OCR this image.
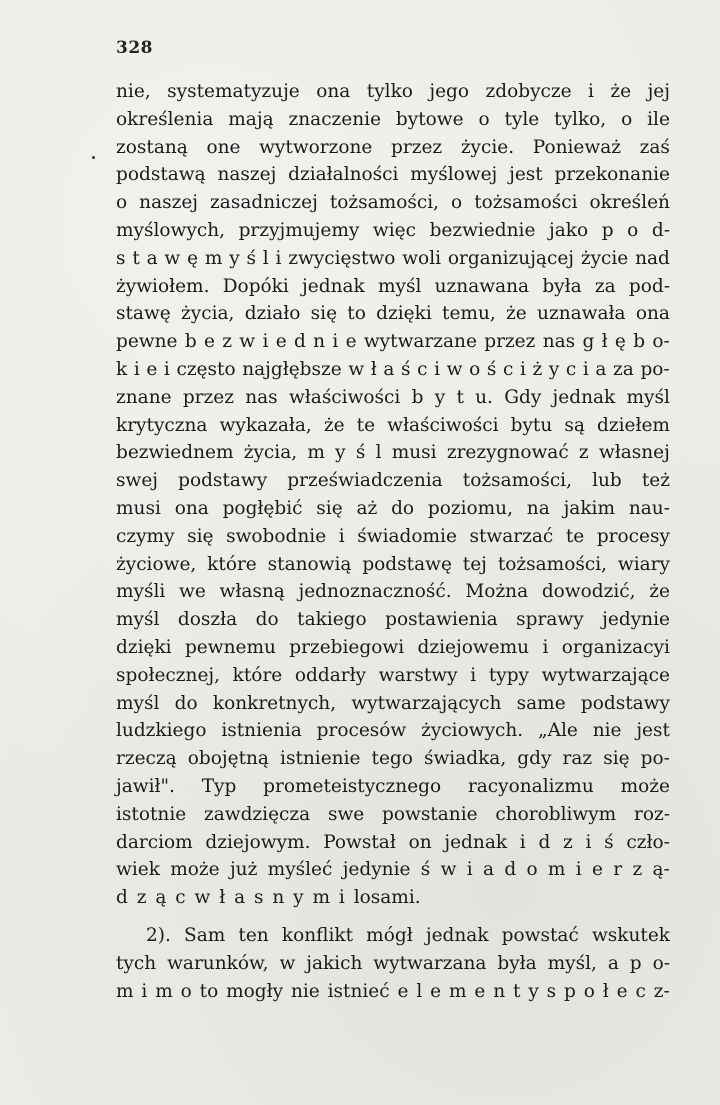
328
nie, systematyzuje ona tylko jego zdobycze i że jej
określenia mają znaczenie bytowe o tyle tylko, o ile
zostaną one wytworzone przez życie. Ponieważ zaś
podstawą naszej działalności myślowej jest przekonanie
o naszej zasadniczej tożsamości, o tożsamości określeń
myślowych, przyjmujemy więc bezwiednie jako p o d-
s t a w ę m y ś l i zwycięstwo woli organizującej życie nad
żywiołem. Dopóki jednak myśl uznawana była za pod-
stawę życia, działo się to dzięki temu, że uznawała ona
pewne b e z w i e d n i e wytwarzane przez nas g ł ę b o-
k i e i często najgłębsze w ł a ś c i w o ś c i ż y c i a za po-
znane przez nas właściwości b y t u. Gdy jednak myśl
krytyczna wykazała, że te właściwości bytu są dziełem
bezwiednem życia, m y ś l musi zrezygnować z własnej
swej podstawy przeświadczenia tożsamości, lub też
musi ona pogłębić się aż do poziomu, na jakim nau-
czymy się swobodnie i świadomie stwarzać te procesy
życiowe, które stanowią podstawę tej tożsamości, wiary
myśli we własną jednoznaczność. Można dowodzić, że
myśl doszła do takiego postawienia sprawy jedynie
dzięki pewnemu przebiegowi dziejowemu i organizacyi
społecznej, które oddarły warstwy i typy wytwarzające
myśl do konkretnych, wytwarzających same podstawy
ludzkiego istnienia procesów życiowych. „Ale nie jest
rzeczą obojętną istnienie tego świadka, gdy raz się po-
jawił". Typ prometeistycznego racyonalizmu może
istotnie zawdzięcza swe powstanie chorobliwym roz-
darciom dziejowym. Powstał on jednak i d z i ś czło-
wiek może już myśleć jedynie ś w i a d o m i e r z ą-
d z ą c w ł a s n y m i losami.
2). Sam ten konflikt mógł jednak powstać wskutek
tych warunków, w jakich wytwarzana była myśl, a p o-
m i m o to mogły nie istnieć e l e m e n t y s p o ł e c z-
